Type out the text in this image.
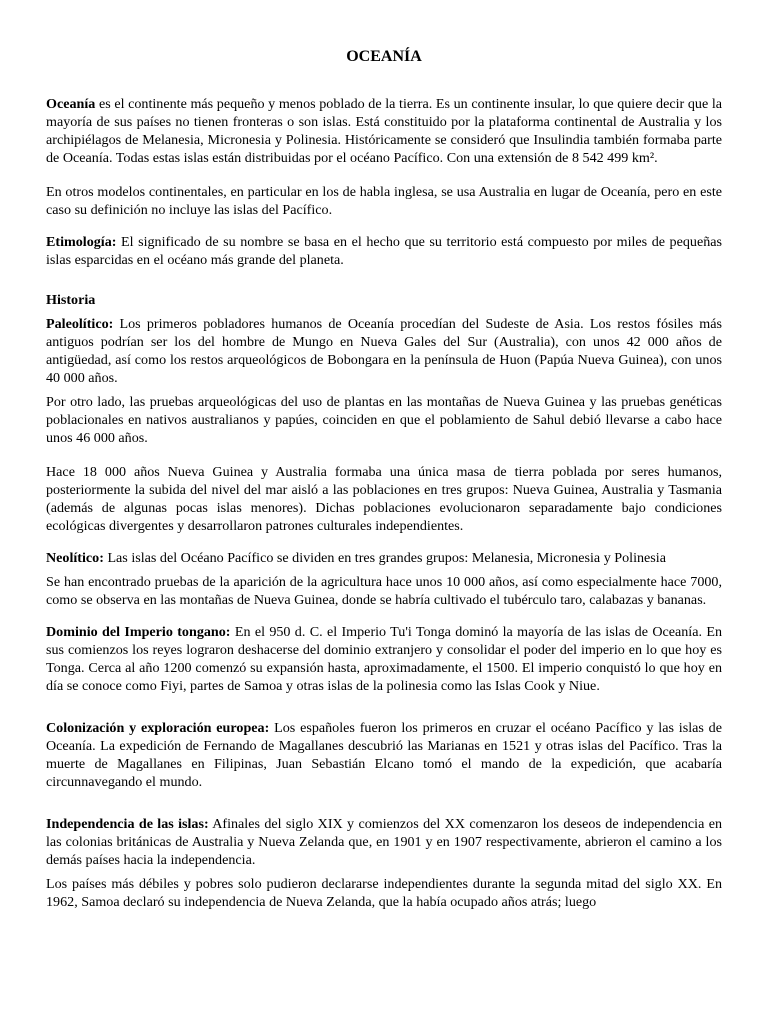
OCEANÍA

Oceanía es el continente más pequeño y menos poblado de la tierra. Es un continente insular, lo que quiere decir que la mayoría de sus países no tienen fronteras o son islas. Está constituido por la plataforma continental de Australia y los archipiélagos de Melanesia, Micronesia y Polinesia. Históricamente se consideró que Insulindia también formaba parte de Oceanía. Todas estas islas están distribuidas por el océano Pacífico. Con una extensión de 8 542 499 km².

En otros modelos continentales, en particular en los de habla inglesa, se usa Australia en lugar de Oceanía, pero en este caso su definición no incluye las islas del Pacífico.

Etimología: El significado de su nombre se basa en el hecho que su territorio está compuesto por miles de pequeñas islas esparcidas en el océano más grande del planeta.

Historia

Paleolítico: Los primeros pobladores humanos de Oceanía procedían del Sudeste de Asia. Los restos fósiles más antiguos podrían ser los del hombre de Mungo en Nueva Gales del Sur (Australia), con unos 42 000 años de antigüedad, así como los restos arqueológicos de Bobongara en la península de Huon (Papúa Nueva Guinea), con unos 40 000 años.

Por otro lado, las pruebas arqueológicas del uso de plantas en las montañas de Nueva Guinea y las pruebas genéticas poblacionales en nativos australianos y papúes, coinciden en que el poblamiento de Sahul debió llevarse a cabo hace unos 46 000 años.

Hace 18 000 años Nueva Guinea y Australia formaba una única masa de tierra poblada por seres humanos, posteriormente la subida del nivel del mar aisló a las poblaciones en tres grupos: Nueva Guinea, Australia y Tasmania (además de algunas pocas islas menores). Dichas poblaciones evolucionaron separadamente bajo condiciones ecológicas divergentes y desarrollaron patrones culturales independientes.

Neolítico: Las islas del Océano Pacífico se dividen en tres grandes grupos: Melanesia, Micronesia y Polinesia

Se han encontrado pruebas de la aparición de la agricultura hace unos 10 000 años, así como especialmente hace 7000, como se observa en las montañas de Nueva Guinea, donde se habría cultivado el tubérculo taro, calabazas y bananas.

Dominio del Imperio tongano: En el 950 d. C. el Imperio Tu'i Tonga dominó la mayoría de las islas de Oceanía. En sus comienzos los reyes lograron deshacerse del dominio extranjero y consolidar el poder del imperio en lo que hoy es Tonga. Cerca al año 1200 comenzó su expansión hasta, aproximadamente, el 1500. El imperio conquistó lo que hoy en día se conoce como Fiyi, partes de Samoa y otras islas de la polinesia como las Islas Cook y Niue.

Colonización y exploración europea: Los españoles fueron los primeros en cruzar el océano Pacífico y las islas de Oceanía. La expedición de Fernando de Magallanes descubrió las Marianas en 1521 y otras islas del Pacífico. Tras la muerte de Magallanes en Filipinas, Juan Sebastián Elcano tomó el mando de la expedición, que acabaría circunnavegando el mundo.

Independencia de las islas: Afinales del siglo XIX y comienzos del XX comenzaron los deseos de independencia en las colonias británicas de Australia y Nueva Zelanda que, en 1901 y en 1907 respectivamente, abrieron el camino a los demás países hacia la independencia.

Los países más débiles y pobres solo pudieron declararse independientes durante la segunda mitad del siglo XX. En 1962, Samoa declaró su independencia de Nueva Zelanda, que la había ocupado años atrás; luego
